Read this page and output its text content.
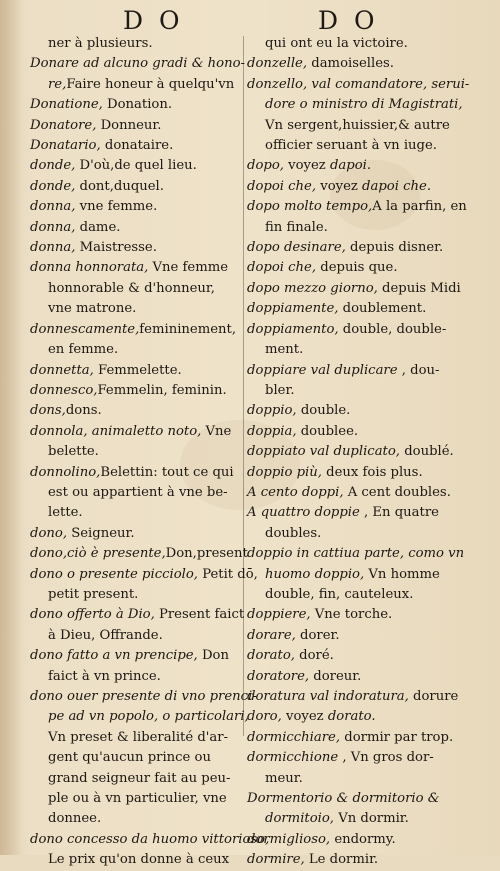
D O	D O
ner à plusieurs.
Donare ad alcuno gradi & hono-
re,Faire honeur à quelqu'vn
Donatione, Donation.
Donatore, Donneur.
Donatario, donataire.
donde, D'où,de quel lieu.
donde, dont,duquel.
donna, vne femme.
donna, dame.
donna, Maistresse.
donna honnorata, Vne femme
honnorable & d'honneur,
vne matrone.
donnescamente,femininement,
en femme.
donnetta, Femmelette.
donnesco,Femmelin, feminin.
dons,dons.
donnola, animaletto noto, Vne
belette.
donnolino,Belettin: tout ce qui
est ou appartient à vne be-
lette.
dono, Seigneur.
dono,ciò è presente,Don,present
dono o presente picciolo, Petit dō,
petit present.
dono offerto à Dio, Present faict
à Dieu, Offrande.
dono fatto a vn prencipe, Don
faict à vn prince.
dono ouer presente di vno prenci-
pe ad vn popolo, o particolari,
Vn preset & liberalité d'ar-
gent qu'aucun prince ou
grand seigneur fait au peu-
ple ou à vn particulier, vne
donnee.
dono concesso da huomo vittorioso,
Le prix qu'on donne à ceux
qui ont eu la victoire.
donzelle, damoiselles.
donzello, val comandatore, serui-
dore o ministro di Magistrati,
Vn sergent,huissier,& autre
officier seruant à vn iuge.
dopo, voyez dapoi.
dopoi che, voyez dapoi che.
dopo molto tempo,A la parfin, en
fin finale.
dopo desinare, depuis disner.
dopoi che, depuis que.
dopo mezzo giorno, depuis Midi
doppiamente, doublement.
doppiamento, double, double-
ment.
doppiare val duplicare , dou-
bler.
doppio, double.
doppia, doublee.
doppiato val duplicato, doublé.
doppio più, deux fois plus.
A cento doppi, A cent doubles.
A quattro doppie , En quatre
doubles.
doppio in cattiua parte, como vn
huomo doppio, Vn homme
double, fin, cauteleux.
doppiere, Vne torche.
dorare, dorer.
dorato, doré.
doratore, doreur.
doratura val indoratura, dorure
doro, voyez dorato.
dormicchiare, dormir par trop.
dormicchione , Vn gros dor-
meur.
Dormentorio & dormitorio &
dormitoio, Vn dormir.
dormiglioso, endormy.
dormire, Le dormir.
